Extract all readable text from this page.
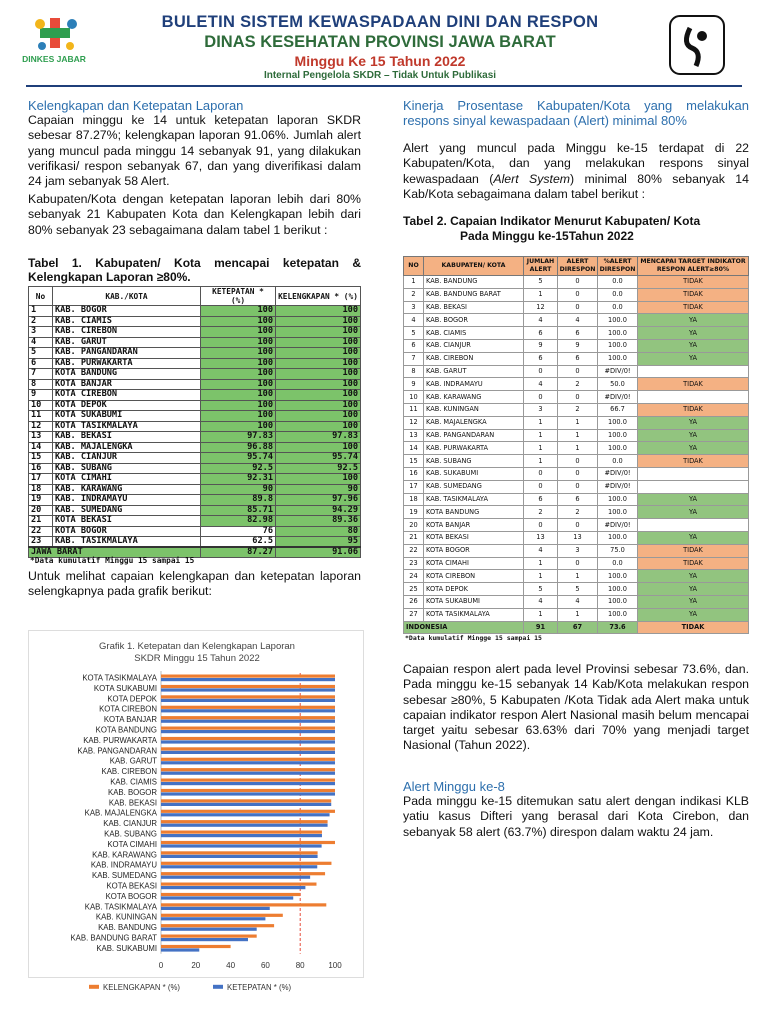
DINKES JABAR
BULETIN SISTEM KEWASPADAAN DINI DAN RESPON
DINAS KESEHATAN PROVINSI JAWA BARAT
Minggu Ke 15 Tahun 2022
Internal Pengelola SKDR – Tidak Untuk Publikasi
Kelengkapan dan Ketepatan Laporan
Capaian minggu ke 14 untuk ketepatan laporan SKDR sebesar 87.27%; kelengkapan laporan 91.06%. Jumlah alert yang muncul pada minggu 14 sebanyak 91, yang dilakukan verifikasi/ respon sebanyak 67, dan yang diverifikasi dalam 24 jam sebanyak 58 Alert.
Kabupaten/Kota dengan ketepatan laporan lebih dari 80% sebanyak 21 Kabupaten Kota dan Kelengkapan lebih dari 80% sebanyak 23 sebagaimana dalam tabel 1 berikut :
Tabel 1. Kabupaten/ Kota mencapai ketepatan & Kelengkapan Laporan ≥80%.
No	KAB./KOTA	KETEPATAN * (%)	KELENGKAPAN * (%)
1	KAB. BOGOR	100	100
2	KAB. CIAMIS	100	100
3	KAB. CIREBON	100	100
4	KAB. GARUT	100	100
5	KAB. PANGANDARAN	100	100
6	KAB. PURWAKARTA	100	100
7	KOTA BANDUNG	100	100
8	KOTA BANJAR	100	100
9	KOTA CIREBON	100	100
10	KOTA DEPOK	100	100
11	KOTA SUKABUMI	100	100
12	KOTA TASIKMALAYA	100	100
13	KAB. BEKASI	97.83	97.83
14	KAB. MAJALENGKA	96.88	100
15	KAB. CIANJUR	95.74	95.74
16	KAB. SUBANG	92.5	92.5
17	KOTA CIMAHI	92.31	100
18	KAB. KARAWANG	90	90
19	KAB. INDRAMAYU	89.8	97.96
20	KAB. SUMEDANG	85.71	94.29
21	KOTA BEKASI	82.98	89.36
22	KOTA BOGOR	76	80
23	KAB. TASIKMALAYA	62.5	95
JAWA BARAT		87.27	91.06
*Data kumulatif Minggu 15 sampai 15
Untuk melihat capaian kelengkapan dan ketepatan laporan selengkapnya pada grafik berikut:
Grafik 1. Ketepatan dan Kelengkapan Laporan
SKDR Minggu 15 Tahun 2022
KOTA TASIKMALAYA
KOTA SUKABUMI
KOTA DEPOK
KOTA CIREBON
KOTA BANJAR
KOTA BANDUNG
KAB. PURWAKARTA
KAB. PANGANDARAN
KAB. GARUT
KAB. CIREBON
KAB. CIAMIS
KAB. BOGOR
KAB. BEKASI
KAB. MAJALENGKA
KAB. CIANJUR
KAB. SUBANG
KOTA CIMAHI
KAB. KARAWANG
KAB. INDRAMAYU
KAB. SUMEDANG
KOTA BEKASI
KOTA BOGOR
KAB. TASIKMALAYA
KAB. KUNINGAN
KAB. BANDUNG
KAB. BANDUNG BARAT
KAB. SUKABUMI
0	20	40	60	80	100
KELENGKAPAN * (%)	KETEPATAN * (%)
Kinerja Prosentase Kabupaten/Kota yang melakukan respons sinyal kewaspadaan (Alert) minimal 80%
Alert yang muncul pada Minggu ke-15 terdapat di 22 Kabupaten/Kota, dan yang melakukan respons sinyal kewaspadaan (Alert System) minimal 80% sebanyak 14 Kab/Kota sebagaimana dalam tabel berikut :
Tabel 2. Capaian Indikator Menurut Kabupaten/ Kota
Pada Minggu ke-15Tahun 2022
NO	KABUPATEN/ KOTA	JUMLAH ALERT	ALERT DIRESPON	%ALERT DIRESPON	MENCAPAI TARGET INDIKATOR RESPON ALERT≥80%
1	KAB. BANDUNG	5	0	0.0	TIDAK
2	KAB. BANDUNG BARAT	1	0	0.0	TIDAK
3	KAB. BEKASI	12	0	0.0	TIDAK
4	KAB. BOGOR	4	4	100.0	YA
5	KAB. CIAMIS	6	6	100.0	YA
6	KAB. CIANJUR	9	9	100.0	YA
7	KAB. CIREBON	6	6	100.0	YA
8	KAB. GARUT	0	0	#DIV/0!	
9	KAB. INDRAMAYU	4	2	50.0	TIDAK
10	KAB. KARAWANG	0	0	#DIV/0!	
11	KAB. KUNINGAN	3	2	66.7	TIDAK
12	KAB. MAJALENGKA	1	1	100.0	YA
13	KAB. PANGANDARAN	1	1	100.0	YA
14	KAB. PURWAKARTA	1	1	100.0	YA
15	KAB. SUBANG	1	0	0.0	TIDAK
16	KAB. SUKABUMI	0	0	#DIV/0!	
17	KAB. SUMEDANG	0	0	#DIV/0!	
18	KAB. TASIKMALAYA	6	6	100.0	YA
19	KOTA BANDUNG	2	2	100.0	YA
20	KOTA BANJAR	0	0	#DIV/0!	
21	KOTA BEKASI	13	13	100.0	YA
22	KOTA BOGOR	4	3	75.0	TIDAK
23	KOTA CIMAHI	1	0	0.0	TIDAK
24	KOTA CIREBON	1	1	100.0	YA
25	KOTA DEPOK	5	5	100.0	YA
26	KOTA SUKABUMI	4	4	100.0	YA
27	KOTA TASIKMALAYA	1	1	100.0	YA
INDONESIA		91	67	73.6	TIDAK
*Data kumulatif Mingge 15 sampai 15
Capaian respon alert pada level Provinsi sebesar 73.6%, dan. Pada minggu ke-15 sebanyak 14 Kab/Kota melakukan respon sebesar ≥80%, 5 Kabupaten /Kota Tidak ada Alert maka untuk capaian indikator respon Alert Nasional masih belum mencapai target yaitu sebesar 63.63% dari 70% yang menjadi target Nasional (Tahun 2022).
Alert Minggu ke-8
Pada minggu ke-15 ditemukan satu alert dengan indikasi KLB yatiu kasus Difteri yang berasal dari Kota Cirebon, dan sebanyak 58 alert (63.7%) direspon dalam waktu 24 jam.
